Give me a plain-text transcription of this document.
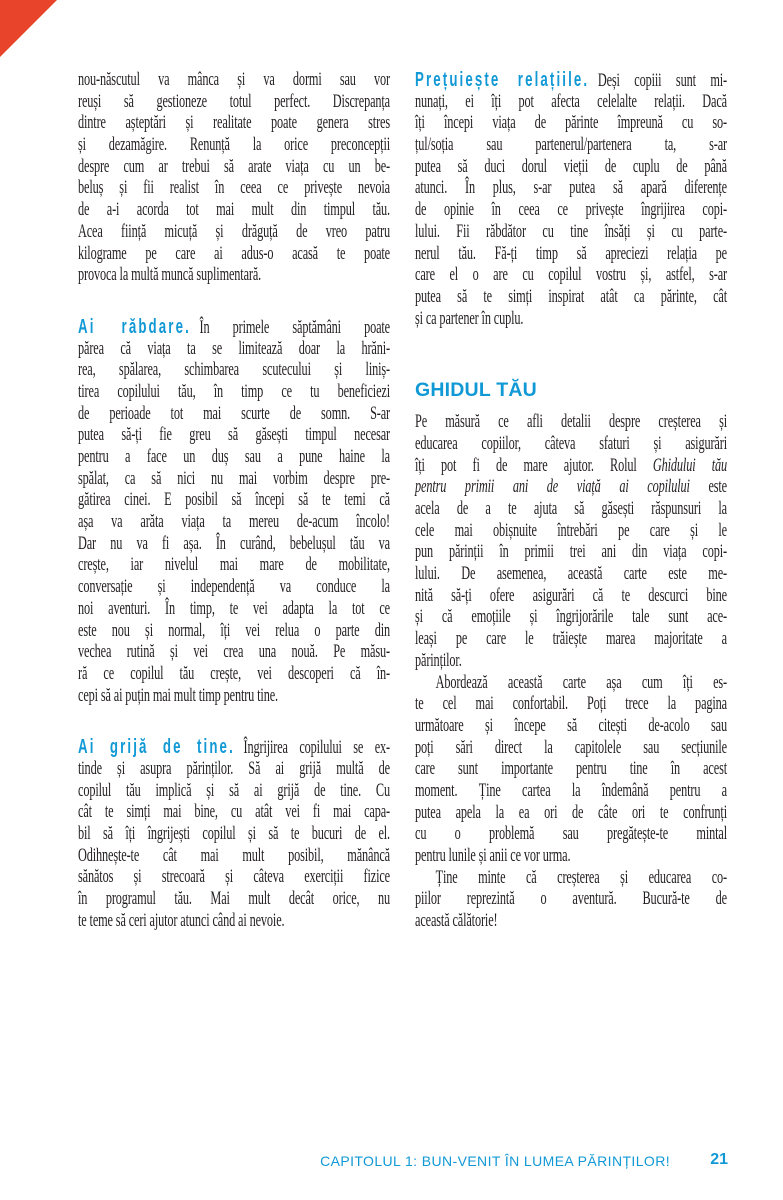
nou-născutul va mânca și va dormi sau vor
reuși să gestioneze totul perfect. Discrepanța
dintre așteptări și realitate poate genera stres
și dezamăgire. Renunță la orice preconcepții
despre cum ar trebui să arate viața cu un be-
beluș și fii realist în ceea ce privește nevoia
de a-i acorda tot mai mult din timpul tău.
Acea ființă micuță și drăguță de vreo patru
kilograme pe care ai adus-o acasă te poate
provoca la multă muncă suplimentară.
Ai răbdare. În primele săptămâni poate
părea că viața ta se limitează doar la hrăni-
rea, spălarea, schimbarea scutecului și liniș-
tirea copilului tău, în timp ce tu beneficiezi
de perioade tot mai scurte de somn. S-ar
putea să-ți fie greu să găsești timpul necesar
pentru a face un duș sau a pune haine la
spălat, ca să nici nu mai vorbim despre pre-
gătirea cinei. E posibil să începi să te temi că
așa va arăta viața ta mereu de-acum încolo!
Dar nu va fi așa. În curând, bebelușul tău va
crește, iar nivelul mai mare de mobilitate,
conversație și independență va conduce la
noi aventuri. În timp, te vei adapta la tot ce
este nou și normal, îți vei relua o parte din
vechea rutină și vei crea una nouă. Pe măsu-
ră ce copilul tău crește, vei descoperi că în-
cepi să ai puțin mai mult timp pentru tine.
Ai grijă de tine. Îngrijirea copilului se ex-
tinde și asupra părinților. Să ai grijă multă de
copilul tău implică și să ai grijă de tine. Cu
cât te simți mai bine, cu atât vei fi mai capa-
bil să îți îngrijești copilul și să te bucuri de el.
Odihnește-te cât mai mult posibil, mănâncă
sănătos și strecoară și câteva exerciții fizice
în programul tău. Mai mult decât orice, nu
te teme să ceri ajutor atunci când ai nevoie.
Prețuiește relațiile. Deși copiii sunt mi-
nunați, ei îți pot afecta celelalte relații. Dacă
îți începi viața de părinte împreună cu so-
țul/soția sau partenerul/partenera ta, s-ar
putea să duci dorul vieții de cuplu de până
atunci. În plus, s-ar putea să apară diferențe
de opinie în ceea ce privește îngrijirea copi-
lului. Fii răbdător cu tine însăți și cu parte-
nerul tău. Fă-ți timp să apreciezi relația pe
care el o are cu copilul vostru și, astfel, s-ar
putea să te simți inspirat atât ca părinte, cât
și ca partener în cuplu.
GHIDUL TĂU
Pe măsură ce afli detalii despre creșterea și
educarea copiilor, câteva sfaturi și asigurări
îți pot fi de mare ajutor. Rolul Ghidului tău
pentru primii ani de viață ai copilului este
acela de a te ajuta să găsești răspunsuri la
cele mai obișnuite întrebări pe care și le
pun părinții în primii trei ani din viața copi-
lului. De asemenea, această carte este me-
nită să-ți ofere asigurări că te descurci bine
și că emoțiile și îngrijorările tale sunt ace-
leași pe care le trăiește marea majoritate a
părinților.
Abordează această carte așa cum îți es-
te cel mai confortabil. Poți trece la pagina
următoare și începe să citești de-acolo sau
poți sări direct la capitolele sau secțiunile
care sunt importante pentru tine în acest
moment. Ține cartea la îndemână pentru a
putea apela la ea ori de câte ori te confrunți
cu o problemă sau pregătește-te mintal
pentru lunile și anii ce vor urma.
Ține minte că creșterea și educarea co-
piilor reprezintă o aventură. Bucură-te de
această călătorie!
CAPITOLUL 1: BUN-VENIT ÎN LUMEA PĂRINȚILOR!	21
